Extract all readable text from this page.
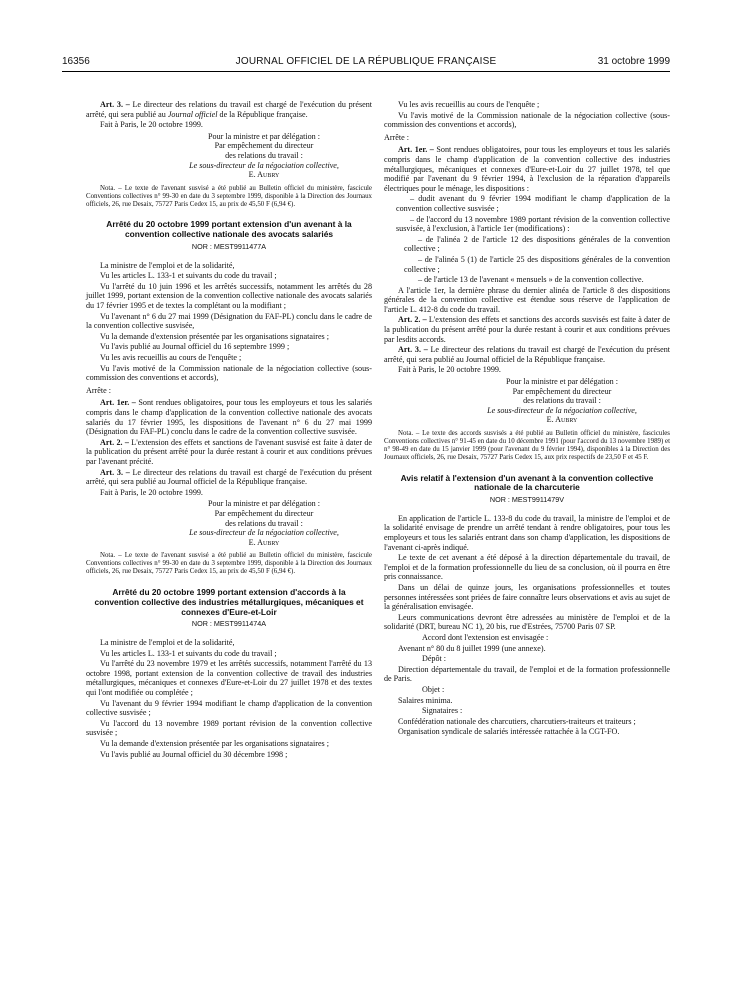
16356	JOURNAL OFFICIEL DE LA RÉPUBLIQUE FRANÇAISE	31 octobre 1999

Art. 3. – Le directeur des relations du travail est chargé de l'exécution du présent arrêté, qui sera publié au Journal officiel de la République française.

Fait à Paris, le 20 octobre 1999.

Pour la ministre et par délégation :
Par empêchement du directeur
des relations du travail :
Le sous-directeur de la négociation collective,
E. Aubry
Nota. – Le texte de l'avenant susvisé a été publié au Bulletin officiel du ministère, fascicule Conventions collectives n° 99-30 en date du 3 septembre 1999, disponible à la Direction des Journaux officiels, 26, rue Desaix, 75727 Paris Cedex 15, au prix de 45,50 F (6,94 €).
Arrêté du 20 octobre 1999 portant extension d'un avenant à la convention collective nationale des avocats salariés
NOR : MESТ9911477A

La ministre de l'emploi et de la solidarité,

Vu les articles L. 133-1 et suivants du code du travail ;

Vu l'arrêté du 10 juin 1996 et les arrêtés successifs, notamment les arrêtés du 28 juillet 1999, portant extension de la convention collective nationale des avocats salariés du 17 février 1995 et de textes la complétant ou la modifiant ;

Vu l'avenant n° 6 du 27 mai 1999 (Désignation du FAF-PL) conclu dans le cadre de la convention collective susvisée,

Vu la demande d'extension présentée par les organisations signataires ;

Vu l'avis publié au Journal officiel du 16 septembre 1999 ;

Vu les avis recueillis au cours de l'enquête ;

Vu l'avis motivé de la Commission nationale de la négociation collective (sous-commission des conventions et accords),

Arrête :

Art. 1er. – Sont rendues obligatoires, pour tous les employeurs et tous les salariés compris dans le champ d'application de la convention collective nationale des avocats salariés du 17 février 1995, les dispositions de l'avenant n° 6 du 27 mai 1999 (Désignation du FAF-PL) conclu dans le cadre de la convention collective susvisée.

Art. 2. – L'extension des effets et sanctions de l'avenant susvisé est faite à dater de la publication du présent arrêté pour la durée restant à courir et aux conditions prévues par l'avenant précité.

Art. 3. – Le directeur des relations du travail est chargé de l'exécution du présent arrêté, qui sera publié au Journal officiel de la République française.

Fait à Paris, le 20 octobre 1999.

Pour la ministre et par délégation :
Par empêchement du directeur
des relations du travail :
Le sous-directeur de la négociation collective,
E. Aubry
Nota. – Le texte de l'avenant susvisé a été publié au Bulletin officiel du ministère, fascicule Conventions collectives n° 99-30 en date du 3 septembre 1999, disponible à la Direction des Journaux officiels, 26, rue Desaix, 75727 Paris Cedex 15, au prix de 45,50 F (6,94 €).
Arrêté du 20 octobre 1999 portant extension d'accords à la convention collective des industries métallurgiques, mécaniques et connexes d'Eure-et-Loir
NOR : MESТ9911474A

La ministre de l'emploi et de la solidarité,

Vu les articles L. 133-1 et suivants du code du travail ;

Vu l'arrêté du 23 novembre 1979 et les arrêtés successifs, notamment l'arrêté du 13 octobre 1998, portant extension de la convention collective de travail des industries métallurgiques, mécaniques et connexes d'Eure-et-Loir du 27 juillet 1978 et des textes qui l'ont modifiée ou complétée ;

Vu l'avenant du 9 février 1994 modifiant le champ d'application de la convention collective susvisée ;

Vu l'accord du 13 novembre 1989 portant révision de la convention collective susvisée ;

Vu la demande d'extension présentée par les organisations signataires ;

Vu l'avis publié au Journal officiel du 30 décembre 1998 ;

Vu les avis recueillis au cours de l'enquête ;

Vu l'avis motivé de la Commission nationale de la négociation collective (sous-commission des conventions et accords),

Arrête :

Art. 1er. – Sont rendues obligatoires, pour tous les employeurs et tous les salariés compris dans le champ d'application de la convention collective des industries métallurgiques, mécaniques et connexes d'Eure-et-Loir du 27 juillet 1978, tel que modifié par l'avenant du 9 février 1994, à l'exclusion de la réparation d'appareils électriques pour le ménage, les dispositions :

– dudit avenant du 9 février 1994 modifiant le champ d'application de la convention collective susvisée ;

– de l'accord du 13 novembre 1989 portant révision de la convention collective susvisée, à l'exclusion, à l'article 1er (modifications) :

– de l'alinéa 2 de l'article 12 des dispositions générales de la convention collective ;

– de l'alinéa 5 (1) de l'article 25 des dispositions générales de la convention collective ;

– de l'article 13 de l'avenant « mensuels » de la convention collective.

A l'article 1er, la dernière phrase du dernier alinéa de l'article 8 des dispositions générales de la convention collective est étendue sous réserve de l'application de l'article L. 412-8 du code du travail.

Art. 2. – L'extension des effets et sanctions des accords susvisés est faite à dater de la publication du présent arrêté pour la durée restant à courir et aux conditions prévues par lesdits accords.

Art. 3. – Le directeur des relations du travail est chargé de l'exécution du présent arrêté, qui sera publié au Journal officiel de la République française.

Fait à Paris, le 20 octobre 1999.

Pour la ministre et par délégation :
Par empêchement du directeur
des relations du travail :
Le sous-directeur de la négociation collective,
E. Aubry
Nota. – Le texte des accords susvisés a été publié au Bulletin officiel du ministère, fascicules Conventions collectives n° 91-45 en date du 10 décembre 1991 (pour l'accord du 13 novembre 1989) et n° 98-49 en date du 15 janvier 1999 (pour l'avenant du 9 février 1994), disponibles à la Direction des Journaux officiels, 26, rue Desaix, 75727 Paris Cedex 15, aux prix respectifs de 23,50 F et 45 F.
Avis relatif à l'extension d'un avenant à la convention collective nationale de la charcuterie
NOR : MESТ9911479V

En application de l'article L. 133-8 du code du travail, la ministre de l'emploi et de la solidarité envisage de prendre un arrêté tendant à rendre obligatoires, pour tous les employeurs et tous les salariés entrant dans son champ d'application, les dispositions de l'avenant ci-après indiqué.

Le texte de cet avenant a été déposé à la direction départementale du travail, de l'emploi et de la formation professionnelle du lieu de sa conclusion, où il pourra en être pris connaissance.

Dans un délai de quinze jours, les organisations professionnelles et toutes personnes intéressées sont priées de faire connaître leurs observations et avis au sujet de la généralisation envisagée.

Leurs communications devront être adressées au ministère de l'emploi et de la solidarité (DRT, bureau NC 1), 20 bis, rue d'Estrées, 75700 Paris 07 SP.

Accord dont l'extension est envisagée :

Avenant n° 80 du 8 juillet 1999 (une annexe).

Dépôt :

Direction départementale du travail, de l'emploi et de la formation professionnelle de Paris.

Objet :

Salaires minima.

Signataires :

Confédération nationale des charcutiers, charcutiers-traiteurs et traiteurs ;

Organisation syndicale de salariés intéressée rattachée à la CGT-FO.
